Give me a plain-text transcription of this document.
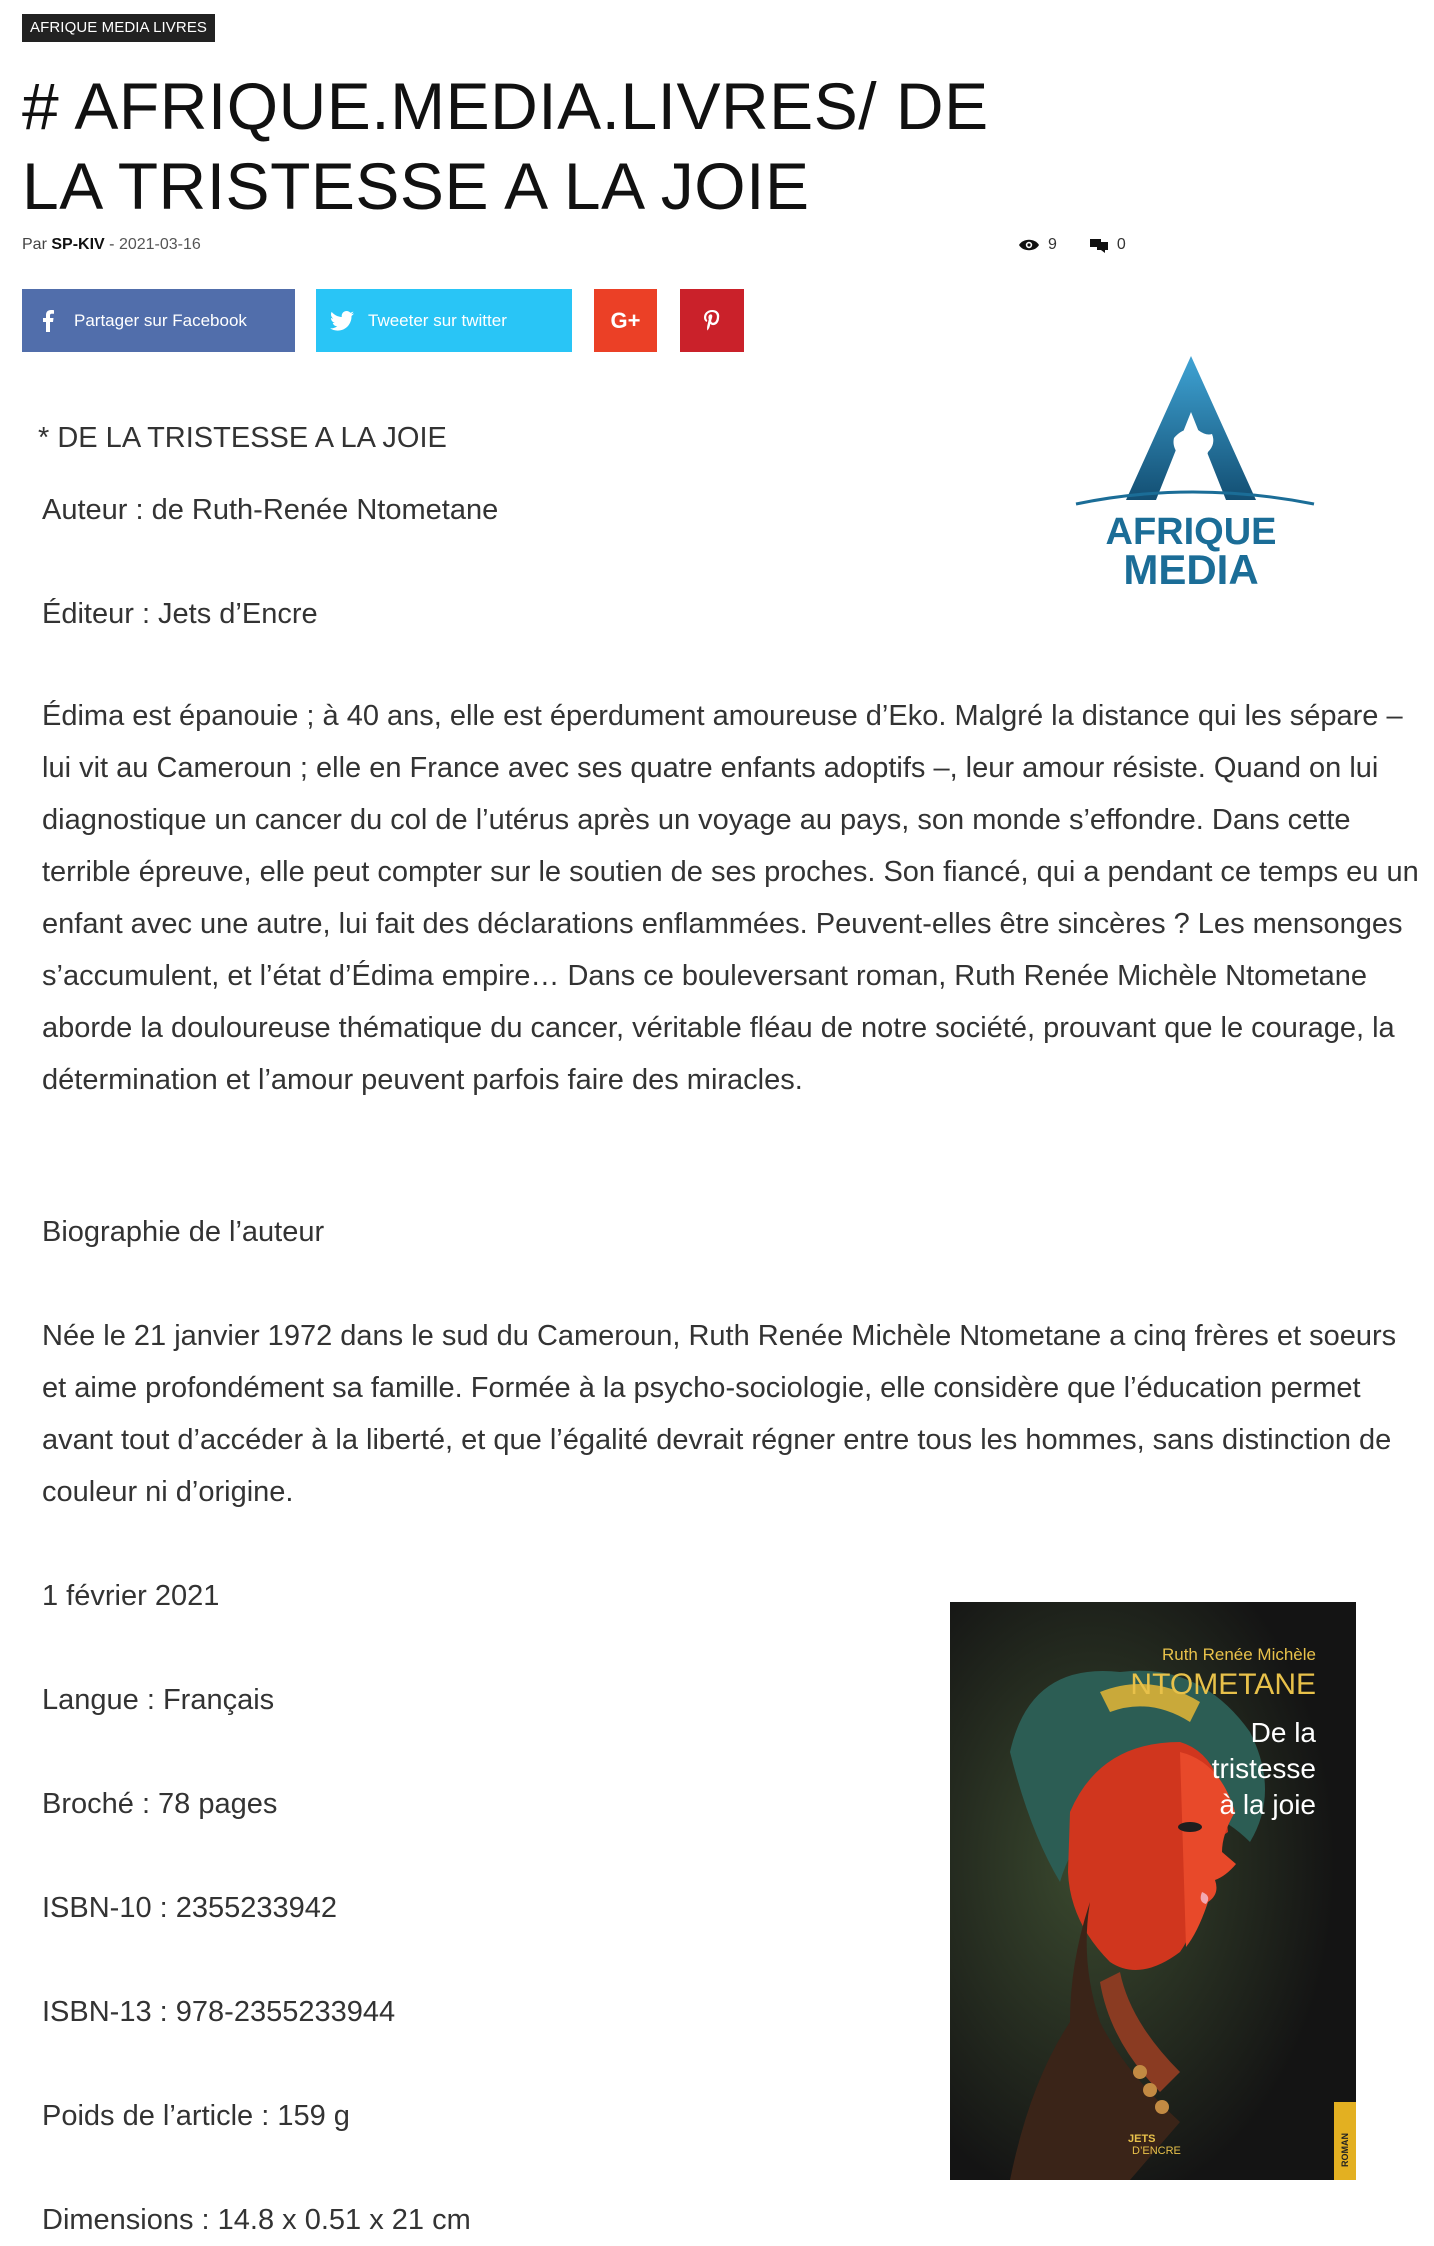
AFRIQUE MEDIA LIVRES
# AFRIQUE.MEDIA.LIVRES/ DE LA TRISTESSE A LA JOIE
Par SP-KIV - 2021-03-16	9	0
Partager sur Facebook	Tweeter sur twitter	G+
AFRIQUE
MEDIA

* DE LA TRISTESSE A LA JOIE

Auteur : de Ruth-Renée Ntometane

Éditeur : Jets d’Encre

Édima est épanouie ; à 40 ans, elle est éperdument amoureuse d’Eko. Malgré la distance qui les sépare – lui vit au Cameroun ; elle en France avec ses quatre enfants adoptifs –, leur amour résiste. Quand on lui diagnostique un cancer du col de l’utérus après un voyage au pays, son monde s’effondre. Dans cette terrible épreuve, elle peut compter sur le soutien de ses proches. Son fiancé, qui a pendant ce temps eu un enfant avec une autre, lui fait des déclarations enflammées. Peuvent-elles être sincères ? Les mensonges s’accumulent, et l’état d’Édima empire… Dans ce bouleversant roman, Ruth Renée Michèle Ntometane aborde la douloureuse thématique du cancer, véritable fléau de notre société, prouvant que le courage, la détermination et l’amour peuvent parfois faire des miracles.

Biographie de l’auteur

Née le 21 janvier 1972 dans le sud du Cameroun, Ruth Renée Michèle Ntometane a cinq frères et soeurs et aime profondément sa famille. Formée à la psycho-sociologie, elle considère que l’éducation permet avant tout d’accéder à la liberté, et que l’égalité devrait régner entre tous les hommes, sans distinction de couleur ni d’origine.

1 février 2021

Langue : Français

Broché : 78 pages

ISBN-10 : 2355233942

ISBN-13 : 978-2355233944

Poids de l’article : 159 g

Dimensions : 14.8 x 0.51 x 21 cm

Ruth Renée Michèle
NTOMETANE
De la
tristesse
à la joie
JETS
D’ENCRE	ROMAN
